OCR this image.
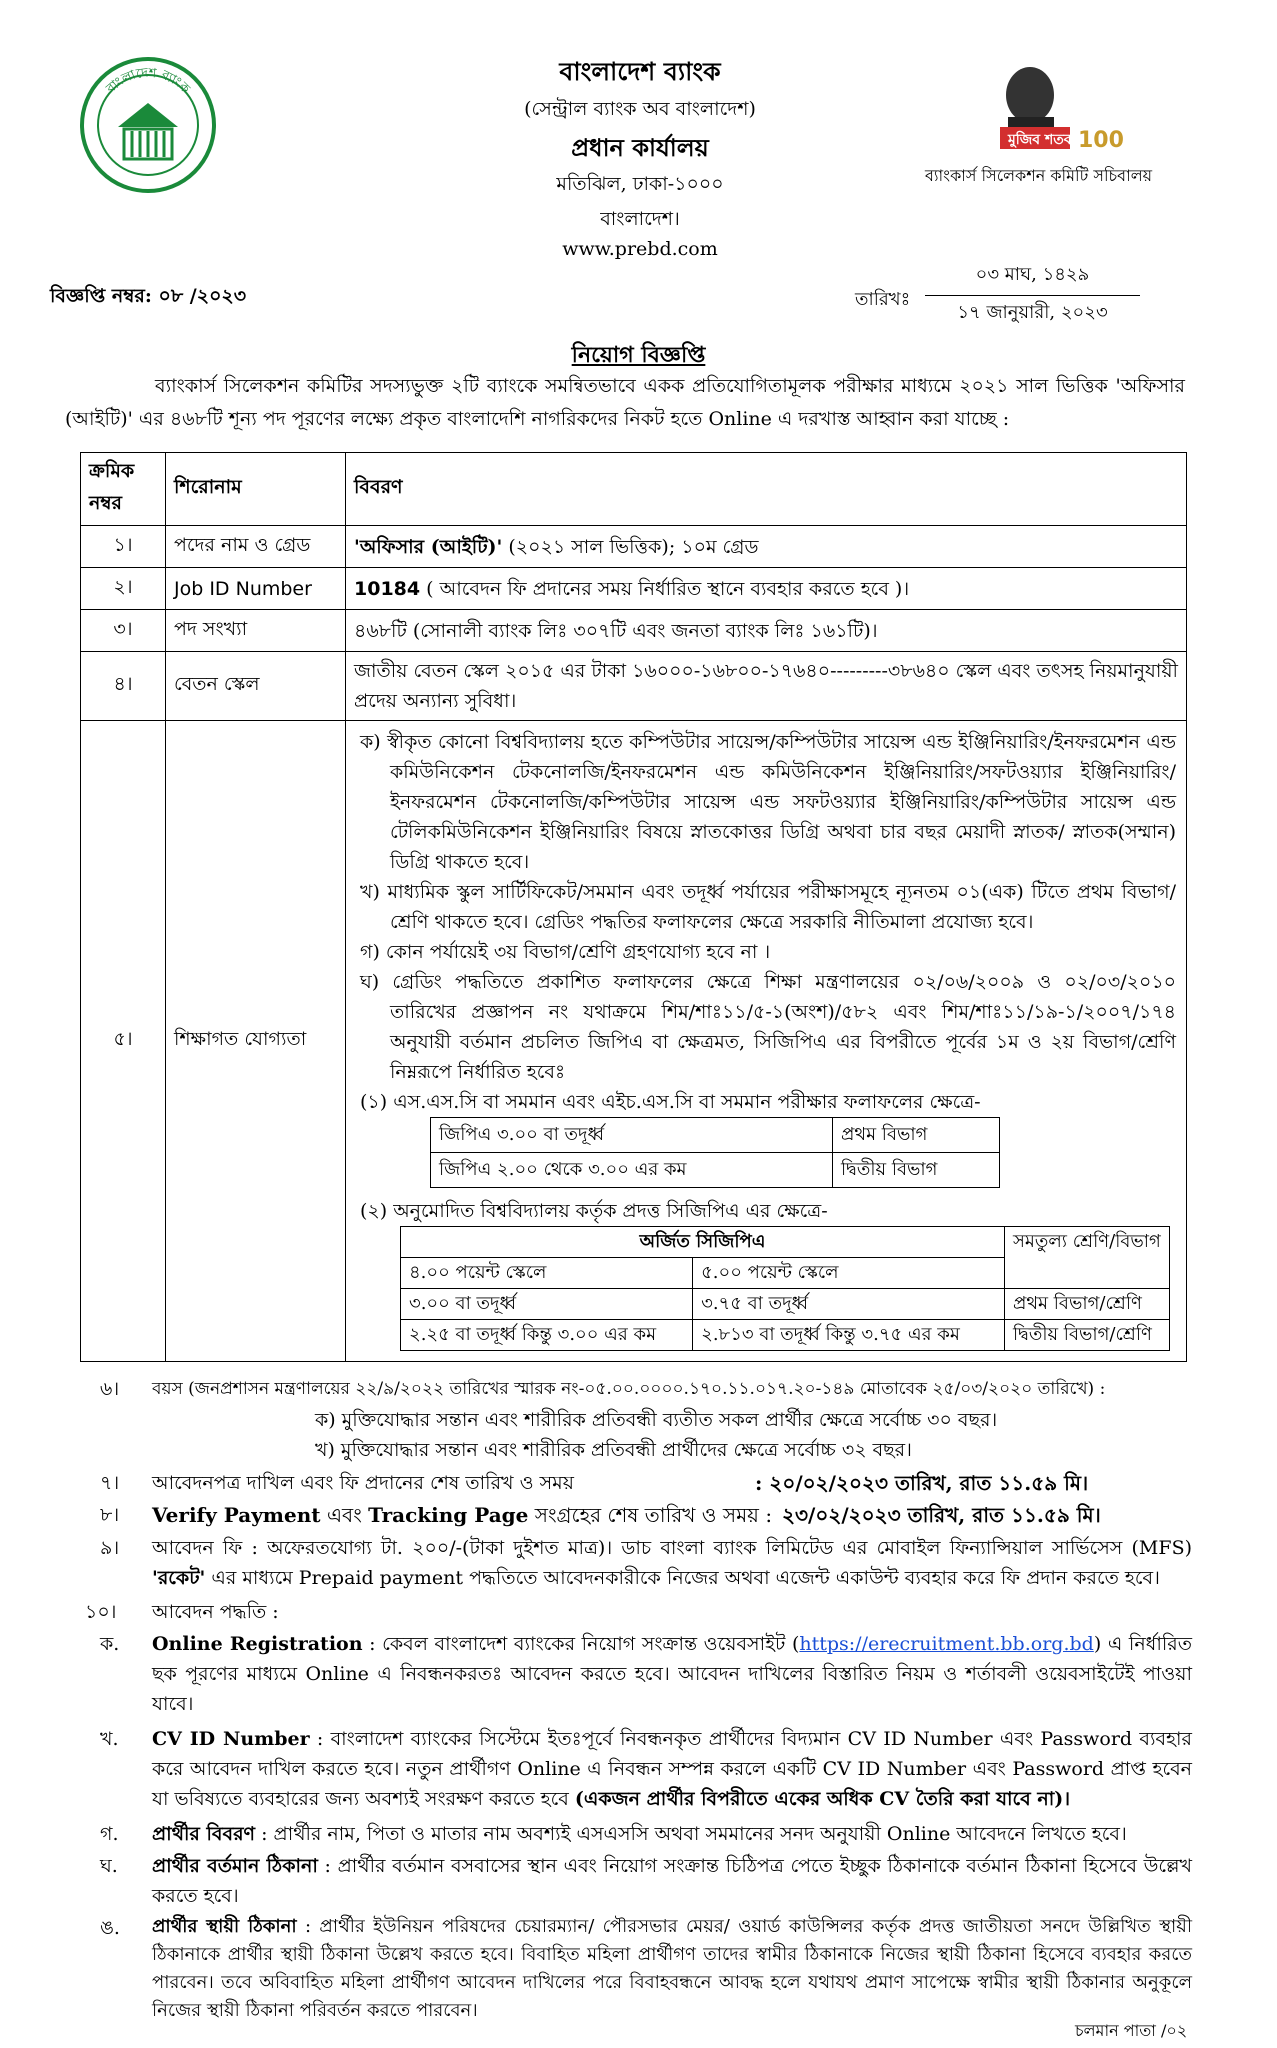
বাংলাদেশ ব্যাংক
মুজিব শতবর্ষ
100
বাংলাদেশ ব্যাংক
(সেন্ট্রাল ব্যাংক অব বাংলাদেশ)
প্রধান কার্যালয়
মতিঝিল, ঢাকা-১০০০
বাংলাদেশ।
www.prebd.com
ব্যাংকার্স সিলেকশন কমিটি সচিবালয়
বিজ্ঞপ্তি নম্বর: ০৮ /২০২৩	তারিখঃ
০৩ মাঘ, ১৪২৯
১৭ জানুয়ারী, ২০২৩
নিয়োগ বিজ্ঞপ্তি
ব্যাংকার্স সিলেকশন কমিটির সদস্যভুক্ত ২টি ব্যাংকে সমন্বিতভাবে একক প্রতিযোগিতামূলক পরীক্ষার মাধ্যমে ২০২১ সাল ভিত্তিক 'অফিসার (আইটি)' এর ৪৬৮টি শূন্য পদ পূরণের লক্ষ্যে প্রকৃত বাংলাদেশি নাগরিকদের নিকট হতে Online এ দরখাস্ত আহ্বান করা যাচ্ছে :
ক্রমিক নম্বর	শিরোনাম	বিবরণ
১।	পদের নাম ও গ্রেড	'অফিসার (আইটি)' (২০২১ সাল ভিত্তিক); ১০ম গ্রেড
২।	Job ID Number	10184 ( আবেদন ফি প্রদানের সময় নির্ধারিত স্থানে ব্যবহার করতে হবে )।
৩।	পদ সংখ্যা	৪৬৮টি (সোনালী ব্যাংক লিঃ ৩০৭টি এবং জনতা ব্যাংক লিঃ ১৬১টি)।
৪।	বেতন স্কেল	জাতীয় বেতন স্কেল ২০১৫ এর টাকা ১৬০০০-১৬৮০০-১৭৬৪০---------৩৮৬৪০ স্কেল এবং তৎসহ নিয়মানুযায়ী প্রদেয় অন্যান্য সুবিধা।
৫।	শিক্ষাগত যোগ্যতা	
ক) স্বীকৃত কোনো বিশ্ববিদ্যালয় হতে কম্পিউটার সায়েন্স/কম্পিউটার সায়েন্স এন্ড ইঞ্জিনিয়ারিং/ইনফরমেশন এন্ড কমিউনিকেশন টেকনোলজি/ইনফরমেশন এন্ড কমিউনিকেশন ইঞ্জিনিয়ারিং/সফটওয়্যার ইঞ্জিনিয়ারিং/ইনফরমেশন টেকনোলজি/কম্পিউটার সায়েন্স এন্ড সফটওয়্যার ইঞ্জিনিয়ারিং/কম্পিউটার সায়েন্স এন্ড টেলিকমিউনিকেশন ইঞ্জিনিয়ারিং বিষয়ে স্নাতকোত্তর ডিগ্রি অথবা চার বছর মেয়াদী স্নাতক/ স্নাতক(সম্মান) ডিগ্রি থাকতে হবে।
খ) মাধ্যমিক স্কুল সার্টিফিকেট/সমমান এবং তদূর্ধ্ব পর্যায়ের পরীক্ষাসমূহে ন্যূনতম ০১(এক) টিতে প্রথম বিভাগ/ শ্রেণি থাকতে হবে। গ্রেডিং পদ্ধতির ফলাফলের ক্ষেত্রে সরকারি নীতিমালা প্রযোজ্য হবে।
গ) কোন পর্যায়েই ৩য় বিভাগ/শ্রেণি গ্রহণযোগ্য হবে না ।
ঘ) গ্রেডিং পদ্ধতিতে প্রকাশিত ফলাফলের ক্ষেত্রে শিক্ষা মন্ত্রণালয়ের ০২/০৬/২০০৯ ও ০২/০৩/২০১০ তারিখের প্রজ্ঞাপন নং যথাক্রমে শিম/শাঃ১১/৫-১(অংশ)/৫৮২ এবং শিম/শাঃ১১/১৯-১/২০০৭/১৭৪ অনুযায়ী বর্তমান প্রচলিত জিপিএ বা ক্ষেত্রমত, সিজিপিএ এর বিপরীতে পূর্বের ১ম ও ২য় বিভাগ/শ্রেণি নিম্নরূপে নির্ধারিত হবেঃ
(১) এস.এস.সি বা সমমান এবং এইচ.এস.সি বা সমমান পরীক্ষার ফলাফলের ক্ষেত্রে-
জিপিএ ৩.০০ বা তদূর্ধ্ব	প্রথম বিভাগ
জিপিএ ২.০০ থেকে ৩.০০ এর কম	দ্বিতীয় বিভাগ
(২) অনুমোদিত বিশ্ববিদ্যালয় কর্তৃক প্রদত্ত সিজিপিএ এর ক্ষেত্রে-
অর্জিত সিজিপিএ	সমতুল্য শ্রেণি/বিভাগ
৪.০০ পয়েন্ট স্কেলে	৫.০০ পয়েন্ট স্কেলে
৩.০০ বা তদূর্ধ্ব	৩.৭৫ বা তদূর্ধ্ব	প্রথম বিভাগ/শ্রেণি
২.২৫ বা তদূর্ধ্ব কিন্তু ৩.০০ এর কম	২.৮১৩ বা তদূর্ধ্ব কিন্তু ৩.৭৫ এর কম	দ্বিতীয় বিভাগ/শ্রেণি
৬। বয়স (জনপ্রশাসন মন্ত্রণালয়ের ২২/৯/২০২২ তারিখের স্মারক নং-০৫.০০.০০০০.১৭০.১১.০১৭.২০-১৪৯ মোতাবেক ২৫/০৩/২০২০ তারিখে) :
ক) মুক্তিযোদ্ধার সন্তান এবং শারীরিক প্রতিবন্ধী ব্যতীত সকল প্রার্থীর ক্ষেত্রে সর্বোচ্চ ৩০ বছর।
খ) মুক্তিযোদ্ধার সন্তান এবং শারীরিক প্রতিবন্ধী প্রার্থীদের ক্ষেত্রে সর্বোচ্চ ৩২ বছর।
৭। আবেদনপত্র দাখিল এবং ফি প্রদানের শেষ তারিখ ও সময়	: ২০/০২/২০২৩ তারিখ, রাত ১১.৫৯ মি।
৮। Verify Payment এবং Tracking Page সংগ্রহের শেষ তারিখ ও সময় : ২৩/০২/২০২৩ তারিখ, রাত ১১.৫৯ মি।
৯। আবেদন ফি : অফেরতযোগ্য টা. ২০০/-(টাকা দুইশত মাত্র)। ডাচ বাংলা ব্যাংক লিমিটেড এর মোবাইল ফিন্যান্সিয়াল সার্ভিসেস (MFS) 'রকেট' এর মাধ্যমে Prepaid payment পদ্ধতিতে আবেদনকারীকে নিজের অথবা এজেন্ট একাউন্ট ব্যবহার করে ফি প্রদান করতে হবে।
১০। আবেদন পদ্ধতি :
ক. Online Registration : কেবল বাংলাদেশ ব্যাংকের নিয়োগ সংক্রান্ত ওয়েবসাইট (https://erecruitment.bb.org.bd) এ নির্ধারিত ছক পূরণের মাধ্যমে Online এ নিবন্ধনকরতঃ আবেদন করতে হবে। আবেদন দাখিলের বিস্তারিত নিয়ম ও শর্তাবলী ওয়েবসাইটেই পাওয়া যাবে।
খ. CV ID Number : বাংলাদেশ ব্যাংকের সিস্টেমে ইতঃপূর্বে নিবন্ধনকৃত প্রার্থীদের বিদ্যমান CV ID Number এবং Password ব্যবহার করে আবেদন দাখিল করতে হবে। নতুন প্রার্থীগণ Online এ নিবন্ধন সম্পন্ন করলে একটি CV ID Number এবং Password প্রাপ্ত হবেন যা ভবিষ্যতে ব্যবহারের জন্য অবশ্যই সংরক্ষণ করতে হবে (একজন প্রার্থীর বিপরীতে একের অধিক CV তৈরি করা যাবে না)।
গ. প্রার্থীর বিবরণ : প্রার্থীর নাম, পিতা ও মাতার নাম অবশ্যই এসএসসি অথবা সমমানের সনদ অনুযায়ী Online আবেদনে লিখতে হবে।
ঘ. প্রার্থীর বর্তমান ঠিকানা : প্রার্থীর বর্তমান বসবাসের স্থান এবং নিয়োগ সংক্রান্ত চিঠিপত্র পেতে ইচ্ছুক ঠিকানাকে বর্তমান ঠিকানা হিসেবে উল্লেখ করতে হবে।
ঙ. প্রার্থীর স্থায়ী ঠিকানা : প্রার্থীর ইউনিয়ন পরিষদের চেয়ারম্যান/ পৌরসভার মেয়র/ ওয়ার্ড কাউন্সিলর কর্তৃক প্রদত্ত জাতীয়তা সনদে উল্লিখিত স্থায়ী ঠিকানাকে প্রার্থীর স্থায়ী ঠিকানা উল্লেখ করতে হবে। বিবাহিত মহিলা প্রার্থীগণ তাদের স্বামীর ঠিকানাকে নিজের স্থায়ী ঠিকানা হিসেবে ব্যবহার করতে পারবেন। তবে অবিবাহিত মহিলা প্রার্থীগণ আবেদন দাখিলের পরে বিবাহবন্ধনে আবদ্ধ হলে যথাযথ প্রমাণ সাপেক্ষে স্বামীর স্থায়ী ঠিকানার অনুকূলে নিজের স্থায়ী ঠিকানা পরিবর্তন করতে পারবেন।
চলমান পাতা /০২
